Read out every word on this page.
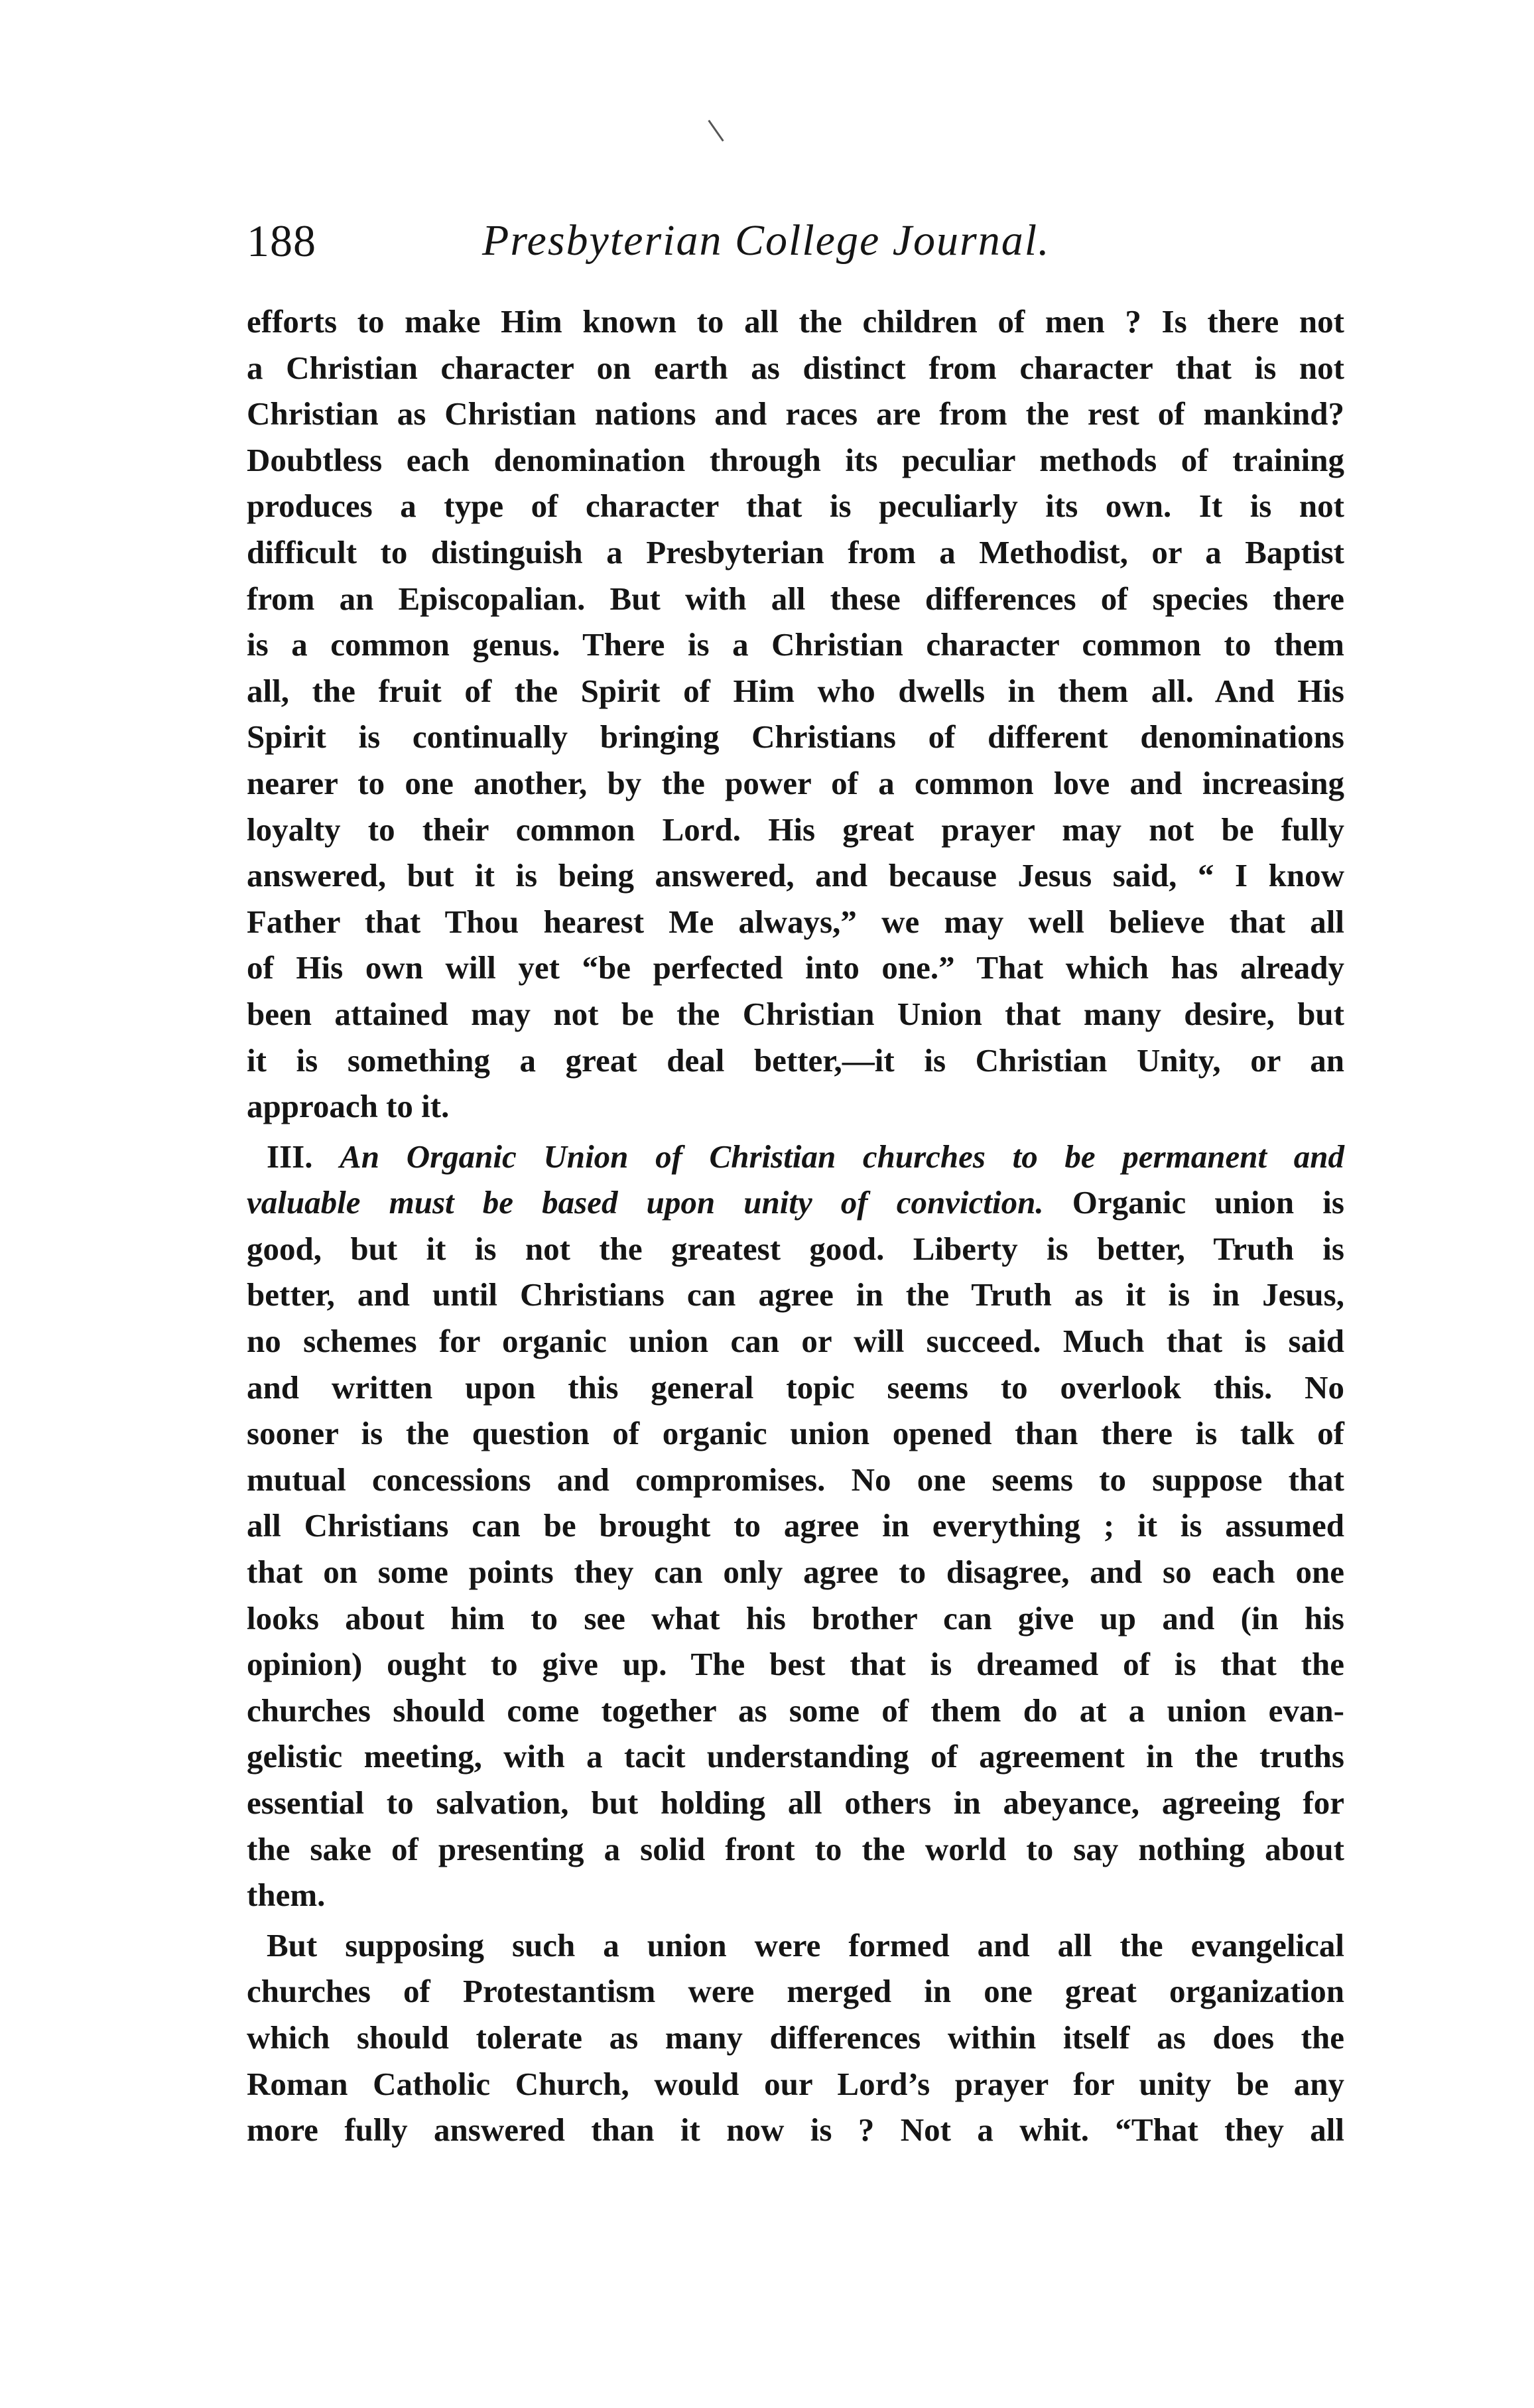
188	Presbyterian College Journal.
efforts to make Him known to all the children of men ? Is there not
a Christian character on earth as distinct from character that is not
Christian as Christian nations and races are from the rest of mankind?
Doubtless each denomination through its peculiar methods of training
produces a type of character that is peculiarly its own. It is not
difficult to distinguish a Presbyterian from a Methodist, or a Baptist
from an Episcopalian. But with all these differences of species there
is a common genus. There is a Christian character common to them
all, the fruit of the Spirit of Him who dwells in them all. And His
Spirit is continually bringing Christians of different denominations
nearer to one another, by the power of a common love and increasing
loyalty to their common Lord. His great prayer may not be fully
answered, but it is being answered, and because Jesus said, “ I know
Father that Thou hearest Me always,” we may well believe that all
of His own will yet “be perfected into one.” That which has already
been attained may not be the Christian Union that many desire, but
it is something a great deal better,—it is Christian Unity, or an
approach to it.
III. An Organic Union of Christian churches to be permanent and
valuable must be based upon unity of conviction. Organic union is
good, but it is not the greatest good. Liberty is better, Truth is
better, and until Christians can agree in the Truth as it is in Jesus,
no schemes for organic union can or will succeed. Much that is said
and written upon this general topic seems to overlook this. No
sooner is the question of organic union opened than there is talk of
mutual concessions and compromises. No one seems to suppose that
all Christians can be brought to agree in everything ; it is assumed
that on some points they can only agree to disagree, and so each one
looks about him to see what his brother can give up and (in his
opinion) ought to give up. The best that is dreamed of is that the
churches should come together as some of them do at a union evan-
gelistic meeting, with a tacit understanding of agreement in the truths
essential to salvation, but holding all others in abeyance, agreeing for
the sake of presenting a solid front to the world to say nothing about
them.
But supposing such a union were formed and all the evangelical
churches of Protestantism were merged in one great organization
which should tolerate as many differences within itself as does the
Roman Catholic Church, would our Lord’s prayer for unity be any
more fully answered than it now is ? Not a whit. “That they all
